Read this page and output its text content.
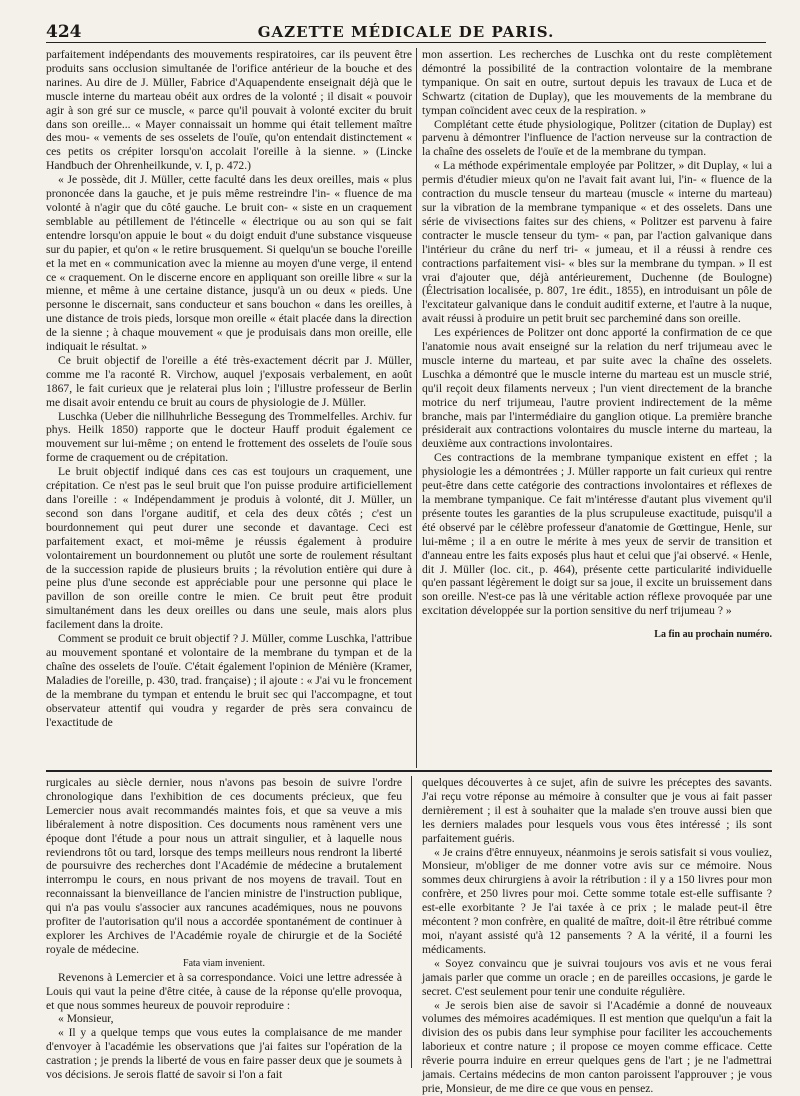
424	GAZETTE MÉDICALE DE PARIS.

parfaitement indépendants des mouvements respiratoires, car ils peuvent être produits sans occlusion simultanée de l'orifice antérieur de la bouche et des narines. Au dire de J. Müller, Fabrice d'Aquapendente enseignait déjà que le muscle interne du marteau obéit aux ordres de la volonté ; il disait « pouvoir agir à son gré sur ce muscle, « parce qu'il pouvait à volonté exciter du bruit dans son oreille... « Mayer connaissait un homme qui était tellement maître des mou- « vements de ses osselets de l'ouïe, qu'on entendait distinctement « ces petits os crépiter lorsqu'on accolait l'oreille à la sienne. » (Lincke Handbuch der Ohrenheilkunde, v. I, p. 472.)

« Je possède, dit J. Müller, cette faculté dans les deux oreilles, mais « plus prononcée dans la gauche, et je puis même restreindre l'in- « fluence de ma volonté à n'agir que du côté gauche. Le bruit con- « siste en un craquement semblable au pétillement de l'étincelle « électrique ou au son qui se fait entendre lorsqu'on appuie le bout « du doigt enduit d'une substance visqueuse sur du papier, et qu'on « le retire brusquement. Si quelqu'un se bouche l'oreille et la met en « communication avec la mienne au moyen d'une verge, il entend ce « craquement. On le discerne encore en appliquant son oreille libre « sur la mienne, et même à une certaine distance, jusqu'à un ou deux « pieds. Une personne le discernait, sans conducteur et sans bouchon « dans les oreilles, à une distance de trois pieds, lorsque mon oreille « était placée dans la direction de la sienne ; à chaque mouvement « que je produisais dans mon oreille, elle indiquait le résultat. »

Ce bruit objectif de l'oreille a été très-exactement décrit par J. Müller, comme me l'a raconté R. Virchow, auquel j'exposais verbalement, en août 1867, le fait curieux que je relaterai plus loin ; l'illustre professeur de Berlin me disait avoir entendu ce bruit au cours de physiologie de J. Müller.

Luschka (Ueber die nillhuhrliche Bessegung des Trommelfelles. Archiv. fur phys. Heilk 1850) rapporte que le docteur Hauff produit également ce mouvement sur lui-même ; on entend le frottement des osselets de l'ouïe sous forme de craquement ou de crépitation.

Le bruit objectif indiqué dans ces cas est toujours un craquement, une crépitation. Ce n'est pas le seul bruit que l'on puisse produire artificiellement dans l'oreille : « Indépendamment je produis à volonté, dit J. Müller, un second son dans l'organe auditif, et cela des deux côtés ; c'est un bourdonnement qui peut durer une seconde et davantage. Ceci est parfaitement exact, et moi-même je réussis également à produire volontairement un bourdonnement ou plutôt une sorte de roulement résultant de la succession rapide de plusieurs bruits ; la révolution entière qui dure à peine plus d'une seconde est appréciable pour une personne qui place le pavillon de son oreille contre le mien. Ce bruit peut être produit simultanément dans les deux oreilles ou dans une seule, mais alors plus facilement dans la droite.

Comment se produit ce bruit objectif ? J. Müller, comme Luschka, l'attribue au mouvement spontané et volontaire de la membrane du tympan et de la chaîne des osselets de l'ouïe. C'était également l'opinion de Ménière (Kramer, Maladies de l'oreille, p. 430, trad. française) ; il ajoute : « J'ai vu le froncement de la membrane du tympan et entendu le bruit sec qui l'accompagne, et tout observateur attentif qui voudra y regarder de près sera convaincu de l'exactitude de

mon assertion. Les recherches de Luschka ont du reste complètement démontré la possibilité de la contraction volontaire de la membrane tympanique. On sait en outre, surtout depuis les travaux de Luca et de Schwartz (citation de Duplay), que les mouvements de la membrane du tympan coïncident avec ceux de la respiration. »

Complétant cette étude physiologique, Politzer (citation de Duplay) est parvenu à démontrer l'influence de l'action nerveuse sur la contraction de la chaîne des osselets de l'ouïe et de la membrane du tympan.

« La méthode expérimentale employée par Politzer, » dit Duplay, « lui a permis d'étudier mieux qu'on ne l'avait fait avant lui, l'in- « fluence de la contraction du muscle tenseur du marteau (muscle « interne du marteau) sur la vibration de la membrane tympanique « et des osselets. Dans une série de vivisections faites sur des chiens, « Politzer est parvenu à faire contracter le muscle tenseur du tym- « pan, par l'action galvanique dans l'intérieur du crâne du nerf tri- « jumeau, et il a réussi à rendre ces contractions parfaitement visi- « bles sur la membrane du tympan. » Il est vrai d'ajouter que, déjà antérieurement, Duchenne (de Boulogne) (Électrisation localisée, p. 807, 1re édit., 1855), en introduisant un pôle de l'excitateur galvanique dans le conduit auditif externe, et l'autre à la nuque, avait réussi à produire un petit bruit sec parcheminé dans son oreille.

Les expériences de Politzer ont donc apporté la confirmation de ce que l'anatomie nous avait enseigné sur la relation du nerf trijumeau avec le muscle interne du marteau, et par suite avec la chaîne des osselets. Luschka a démontré que le muscle interne du marteau est un muscle strié, qu'il reçoit deux filaments nerveux ; l'un vient directement de la branche motrice du nerf trijumeau, l'autre provient indirectement de la même branche, mais par l'intermédiaire du ganglion otique. La première branche présiderait aux contractions volontaires du muscle interne du marteau, la deuxième aux contractions involontaires.

Ces contractions de la membrane tympanique existent en effet ; la physiologie les a démontrées ; J. Müller rapporte un fait curieux qui rentre peut-être dans cette catégorie des contractions involontaires et réflexes de la membrane tympanique. Ce fait m'intéresse d'autant plus vivement qu'il présente toutes les garanties de la plus scrupuleuse exactitude, puisqu'il a été observé par le célèbre professeur d'anatomie de Gœttingue, Henle, sur lui-même ; il a en outre le mérite à mes yeux de servir de transition et d'anneau entre les faits exposés plus haut et celui que j'ai observé. « Henle, dit J. Müller (loc. cit., p. 464), présente cette particularité individuelle qu'en passant légèrement le doigt sur sa joue, il excite un bruissement dans son oreille. N'est-ce pas là une véritable action réflexe provoquée par une excitation développée sur la portion sensitive du nerf trijumeau ? »

La fin au prochain numéro.

rurgicales au siècle dernier, nous n'avons pas besoin de suivre l'ordre chronologique dans l'exhibition de ces documents précieux, que feu Lemercier nous avait recommandés maintes fois, et que sa veuve a mis libéralement à notre disposition. Ces documents nous ramènent vers une époque dont l'étude a pour nous un attrait singulier, et à laquelle nous reviendrons tôt ou tard, lorsque des temps meilleurs nous rendront la liberté de poursuivre des recherches dont l'Académie de médecine a brutalement interrompu le cours, en nous privant de nos moyens de travail. Tout en reconnaissant la bienveillance de l'ancien ministre de l'instruction publique, qui n'a pas voulu s'associer aux rancunes académiques, nous ne pouvons profiter de l'autorisation qu'il nous a accordée spontanément de continuer à explorer les Archives de l'Académie royale de chirurgie et de la Société royale de médecine.

Fata viam invenient.

Revenons à Lemercier et à sa correspondance. Voici une lettre adressée à Louis qui vaut la peine d'être citée, à cause de la réponse qu'elle provoqua, et que nous sommes heureux de pouvoir reproduire :

« Monsieur,

« Il y a quelque temps que vous eutes la complaisance de me mander d'envoyer à l'académie les observations que j'ai faites sur l'opération de la castration ; je prends la liberté de vous en faire passer deux que je soumets à vos décisions. Je serois flatté de savoir si l'on a fait

quelques découvertes à ce sujet, afin de suivre les préceptes des savants. J'ai reçu votre réponse au mémoire à consulter que je vous ai fait passer dernièrement ; il est à souhaiter que la malade s'en trouve aussi bien que les derniers malades pour lesquels vous vous êtes intéressé ; ils sont parfaitement guéris.

« Je crains d'être ennuyeux, néanmoins je serois satisfait si vous vouliez, Monsieur, m'obliger de me donner votre avis sur ce mémoire. Nous sommes deux chirurgiens à avoir la rétribution : il y a 150 livres pour mon confrère, et 250 livres pour moi. Cette somme totale est-elle suffisante ? est-elle exorbitante ? Je l'ai taxée à ce prix ; le malade peut-il être mécontent ? mon confrère, en qualité de maître, doit-il être rétribué comme moi, n'ayant assisté qu'à 12 pansements ? A la vérité, il a fourni les médicaments.

« Soyez convaincu que je suivrai toujours vos avis et ne vous ferai jamais parler que comme un oracle ; en de pareilles occasions, je garde le secret. C'est seulement pour tenir une conduite régulière.

« Je serois bien aise de savoir si l'Académie a donné de nouveaux volumes des mémoires académiques. Il est mention que quelqu'un a fait la division des os pubis dans leur symphise pour faciliter les accouchements laborieux et contre nature ; il propose ce moyen comme efficace. Cette rêverie pourra induire en erreur quelques gens de l'art ; je ne l'admettrai jamais. Certains médecins de mon canton paroissent l'approuver ; je vous prie, Monsieur, de me dire ce que vous en pensez.
